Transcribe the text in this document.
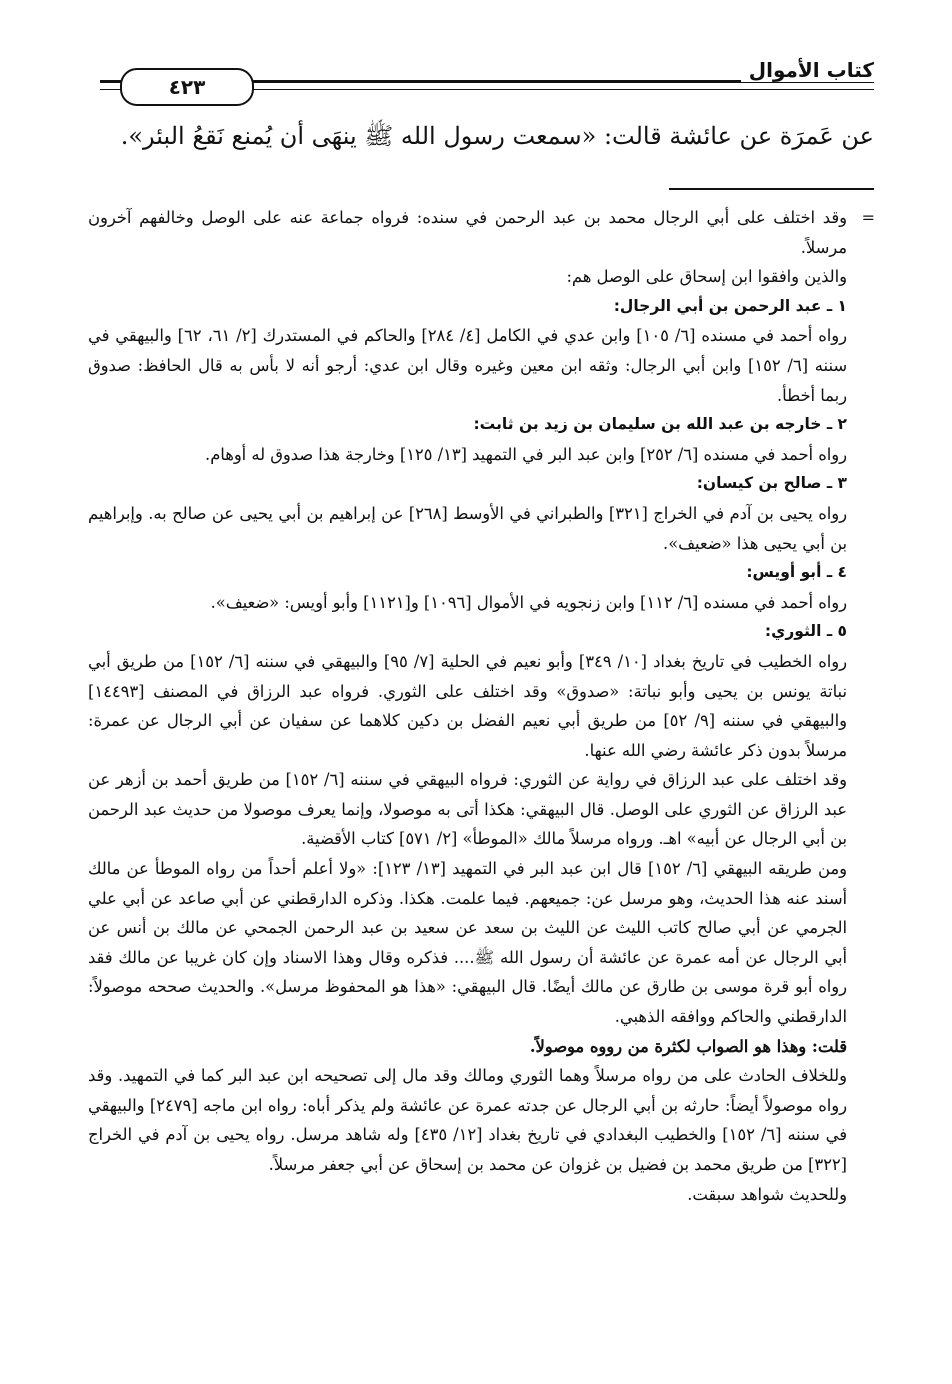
كتاب الأموال
٤٢٣
عن عَمرَة عن عائشة قالت: «سمعت رسول الله ﷺ ينهَى أن يُمنع نَقعُ البئر».
=

وقد اختلف على أبي الرجال محمد بن عبد الرحمن في سنده: فرواه جماعة عنه على الوصل وخالفهم آخرون مرسلاً.

والذين وافقوا ابن إسحاق على الوصل هم:

١ ـ عبد الرحمن بن أبي الرجال:

رواه أحمد في مسنده [٦/ ١٠٥] وابن عدي في الكامل [٤/ ٢٨٤] والحاكم في المستدرك [٢/ ٦١، ٦٢] والبيهقي في سننه [٦/ ١٥٢] وابن أبي الرجال: وثقه ابن معين وغيره وقال ابن عدي: أرجو أنه لا بأس به قال الحافظ: صدوق ربما أخطأ.

٢ ـ خارجه بن عبد الله بن سليمان بن زيد بن ثابت:

رواه أحمد في مسنده [٦/ ٢٥٢] وابن عبد البر في التمهيد [١٣/ ١٢٥] وخارجة هذا صدوق له أوهام.

٣ ـ صالح بن كيسان:

رواه يحيى بن آدم في الخراج [٣٢١] والطبراني في الأوسط [٢٦٨] عن إبراهيم بن أبي يحيى عن صالح به. وإبراهيم بن أبي يحيى هذا «ضعيف».

٤ ـ أبو أويس:

رواه أحمد في مسنده [٦/ ١١٢] وابن زنجويه في الأموال [١٠٩٦] و[١١٢١] وأبو أويس: «ضعيف».

٥ ـ الثوري:

رواه الخطيب في تاريخ بغداد [١٠/ ٣٤٩] وأبو نعيم في الحلية [٧/ ٩٥] والبيهقي في سننه [٦/ ١٥٢] من طريق أبي نباتة يونس بن يحيى وأبو نباتة: «صدوق» وقد اختلف على الثوري. فرواه عبد الرزاق في المصنف [١٤٤٩٣] والبيهقي في سننه [٩/ ٥٢] من طريق أبي نعيم الفضل بن دكين كلاهما عن سفيان عن أبي الرجال عن عمرة: مرسلاً بدون ذكر عائشة رضي الله عنها.

وقد اختلف على عبد الرزاق في رواية عن الثوري: فرواه البيهقي في سننه [٦/ ١٥٢] من طريق أحمد بن أزهر عن عبد الرزاق عن الثوري على الوصل. قال البيهقي: هكذا أتى به موصولا، وإنما يعرف موصولا من حديث عبد الرحمن بن أبي الرجال عن أبيه» اهـ. ورواه مرسلاً مالك «الموطأ» [٢/ ٥٧١] كتاب الأقضية.

ومن طريقه البيهقي [٦/ ١٥٢] قال ابن عبد البر في التمهيد [١٣/ ١٢٣]: «ولا أعلم أحداً من رواه الموطأ عن مالك أسند عنه هذا الحديث، وهو مرسل عن: جميعهم. فيما علمت. هكذا. وذكره الدارقطني عن أبي صاعد عن أبي علي الجرمي عن أبي صالح كاتب الليث عن الليث بن سعد عن سعيد بن عبد الرحمن الجمحي عن مالك بن أنس عن أبي الرجال عن أمه عمرة عن عائشة أن رسول الله ﷺ.... فذكره وقال وهذا الاسناد وإن كان غريبا عن مالك فقد رواه أبو قرة موسى بن طارق عن مالك أيضًا. قال البيهقي: «هذا هو المحفوظ مرسل». والحديث صححه موصولاً: الدارقطني والحاكم ووافقه الذهبي.

قلت: وهذا هو الصواب لكثرة من رووه موصولاً.

وللخلاف الحادث على من رواه مرسلاً وهما الثوري ومالك وقد مال إلى تصحيحه ابن عبد البر كما في التمهيد. وقد رواه موصولاً أيضاً: حارثه بن أبي الرجال عن جدته عمرة عن عائشة ولم يذكر أباه: رواه ابن ماجه [٢٤٧٩] والبيهقي في سننه [٦/ ١٥٢] والخطيب البغدادي في تاريخ بغداد [١٢/ ٤٣٥] وله شاهد مرسل. رواه يحيى بن آدم في الخراج [٣٢٢] من طريق محمد بن فضيل بن غزوان عن محمد بن إسحاق عن أبي جعفر مرسلاً.

وللحديث شواهد سبقت.
